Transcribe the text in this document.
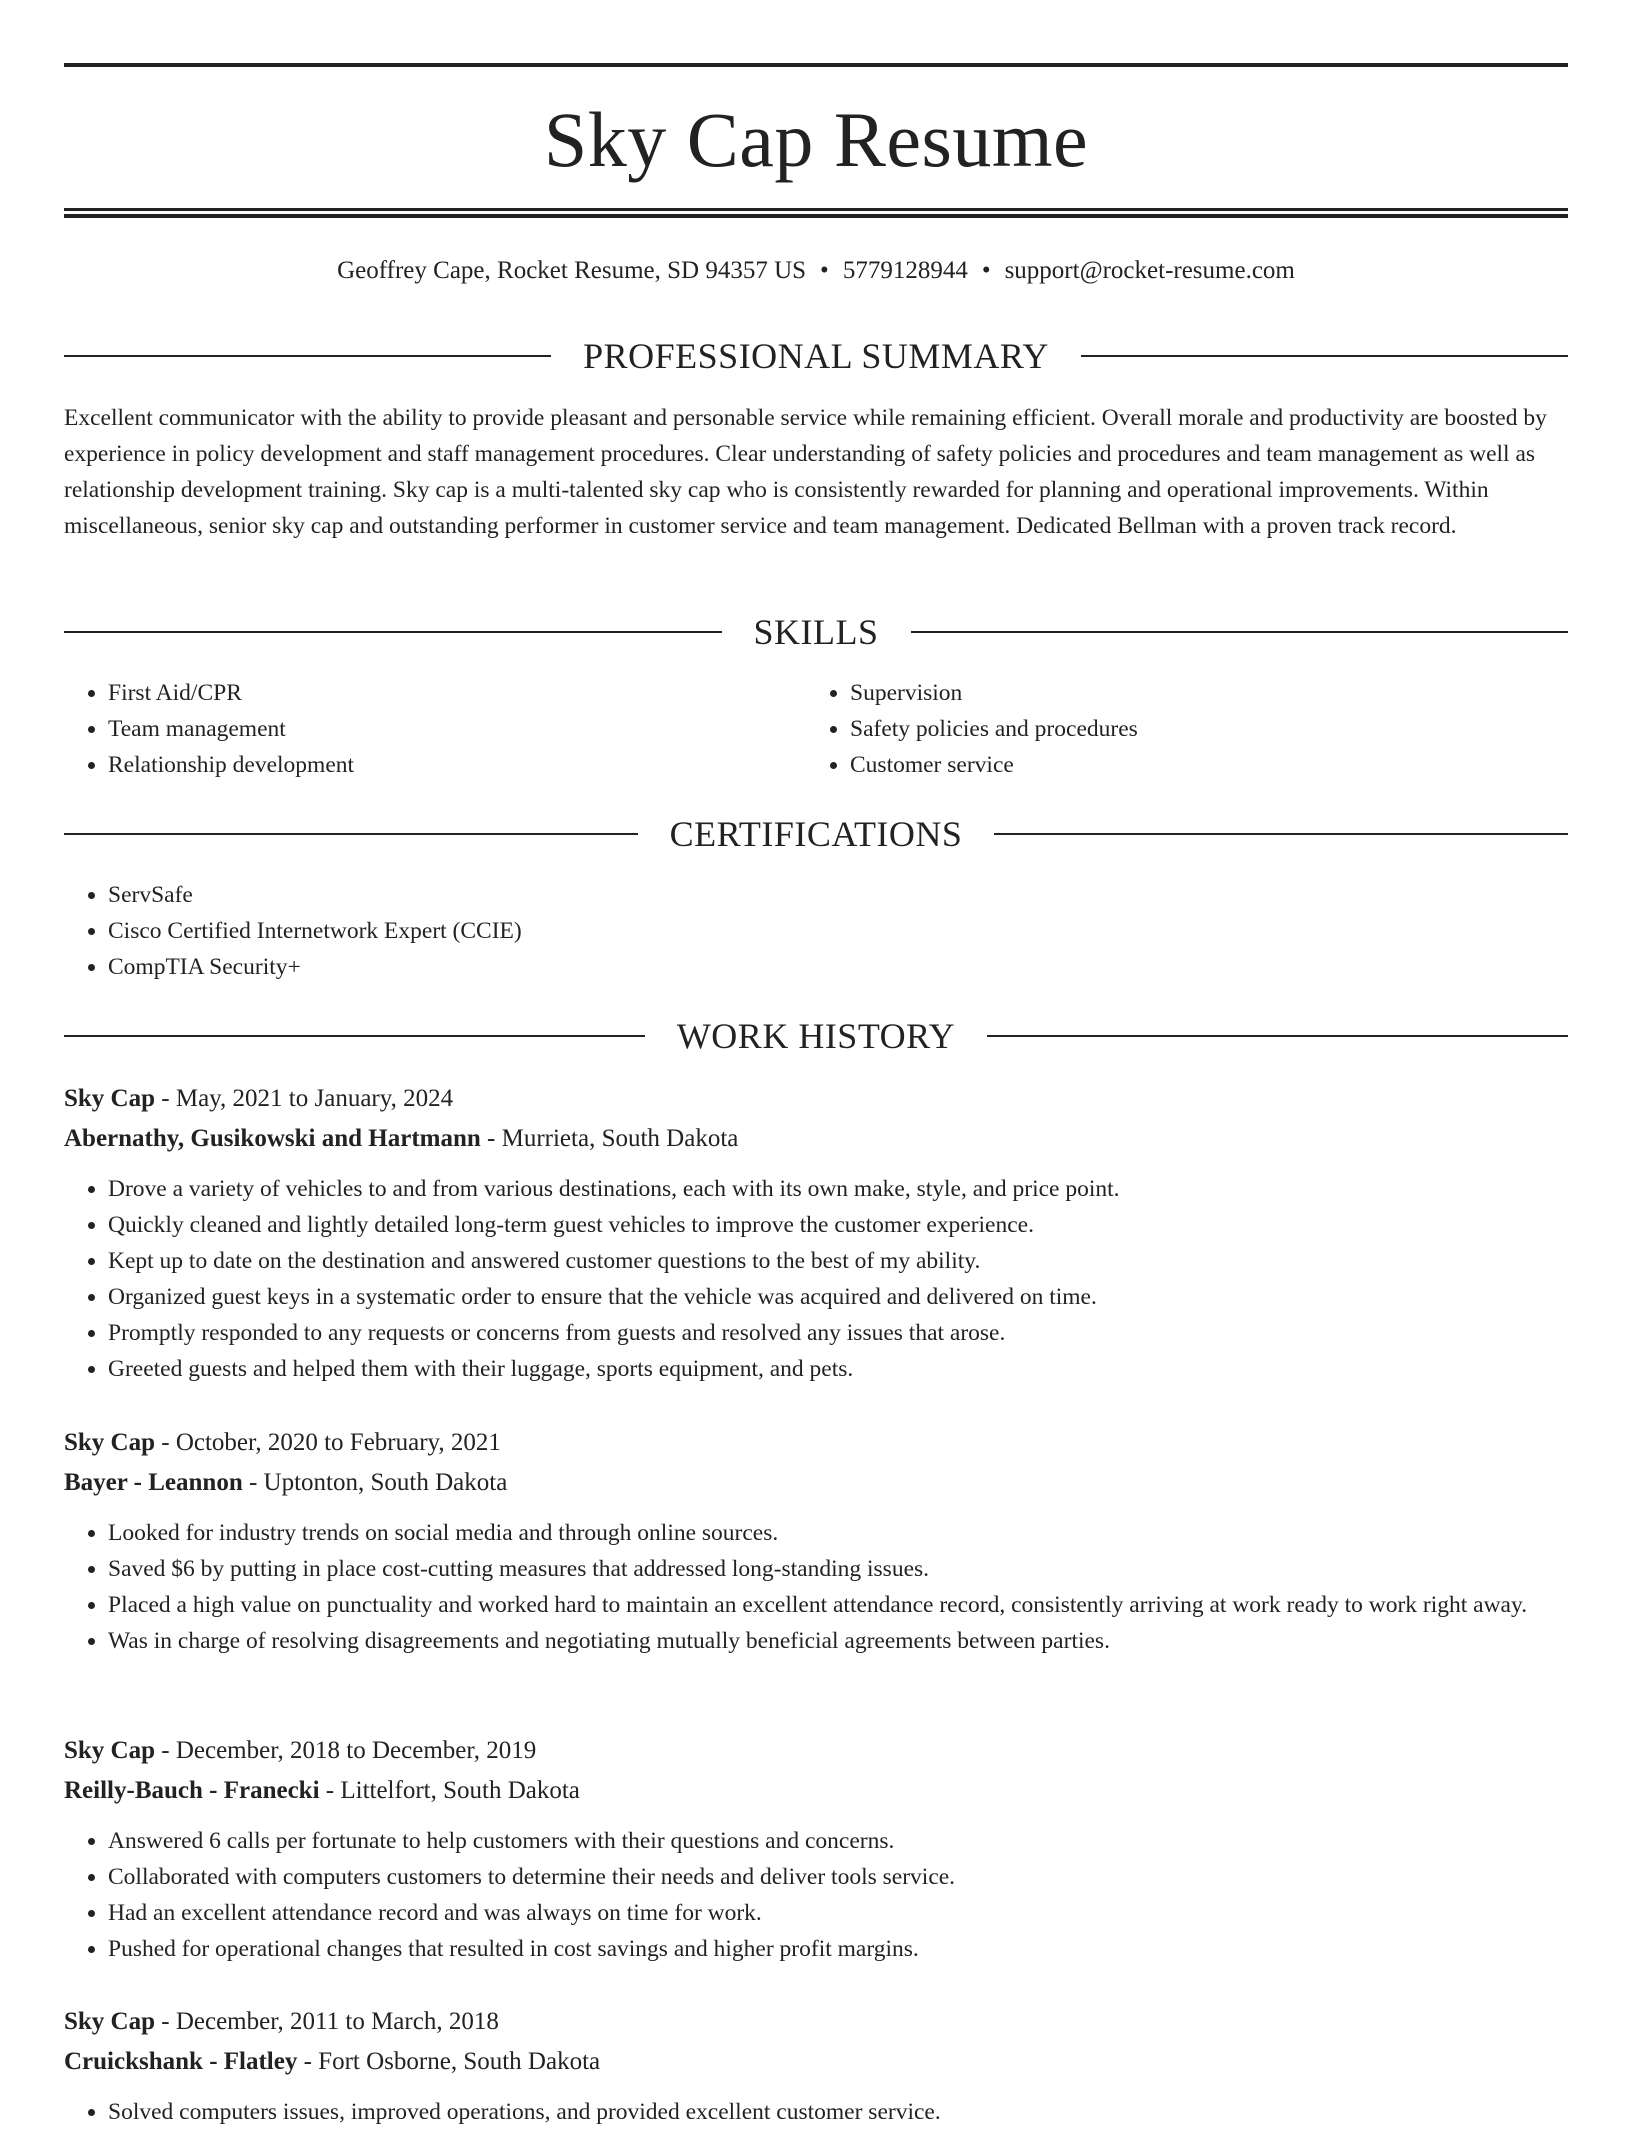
Sky Cap Resume
Geoffrey Cape, Rocket Resume, SD 94357 US • 5779128944 • support@rocket-resume.com
PROFESSIONAL SUMMARY

Excellent communicator with the ability to provide pleasant and personable service while remaining efficient. Overall morale and productivity are boosted by experience in policy development and staff management procedures. Clear understanding of safety policies and procedures and team management as well as relationship development training. Sky cap is a multi-talented sky cap who is consistently rewarded for planning and operational improvements. Within miscellaneous, senior sky cap and outstanding performer in customer service and team management. Dedicated Bellman with a proven track record.

SKILLS
• First Aid/CPR
• Team management
• Relationship development
• Supervision
• Safety policies and procedures
• Customer service
CERTIFICATIONS
• ServSafe
• Cisco Certified Internetwork Expert (CCIE)
• CompTIA Security+
WORK HISTORY
Sky Cap - May, 2021 to January, 2024
Abernathy, Gusikowski and Hartmann - Murrieta, South Dakota
• Drove a variety of vehicles to and from various destinations, each with its own make, style, and price point.
• Quickly cleaned and lightly detailed long-term guest vehicles to improve the customer experience.
• Kept up to date on the destination and answered customer questions to the best of my ability.
• Organized guest keys in a systematic order to ensure that the vehicle was acquired and delivered on time.
• Promptly responded to any requests or concerns from guests and resolved any issues that arose.
• Greeted guests and helped them with their luggage, sports equipment, and pets.
Sky Cap - October, 2020 to February, 2021
Bayer - Leannon - Uptonton, South Dakota
• Looked for industry trends on social media and through online sources.
• Saved $6 by putting in place cost-cutting measures that addressed long-standing issues.
• Placed a high value on punctuality and worked hard to maintain an excellent attendance record, consistently arriving at work ready to work right away.
• Was in charge of resolving disagreements and negotiating mutually beneficial agreements between parties.
Sky Cap - December, 2018 to December, 2019
Reilly-Bauch - Franecki - Littelfort, South Dakota
• Answered 6 calls per fortunate to help customers with their questions and concerns.
• Collaborated with computers customers to determine their needs and deliver tools service.
• Had an excellent attendance record and was always on time for work.
• Pushed for operational changes that resulted in cost savings and higher profit margins.
Sky Cap - December, 2011 to March, 2018
Cruickshank - Flatley - Fort Osborne, South Dakota
• Solved computers issues, improved operations, and provided excellent customer service.
